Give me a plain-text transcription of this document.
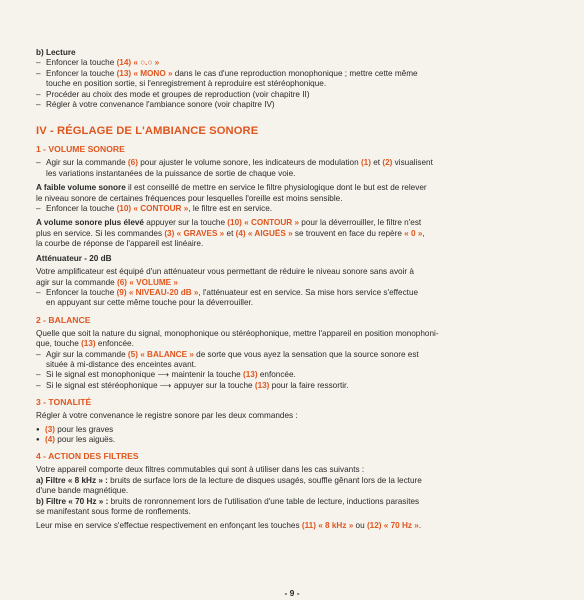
b) Lecture

– Enfoncer la touche (14) « ○.○ »

– Enfoncer la touche (13) « MONO » dans le cas d'une reproduction monophonique ; mettre cette même
touche en position sortie, si l'enregistrement à reproduire est stéréophonique.

– Procéder au choix des mode et groupes de reproduction (voir chapitre II)

– Régler à votre convenance l'ambiance sonore (voir chapitre IV)

IV - RÉGLAGE DE L'AMBIANCE SONORE
1 - VOLUME SONORE

– Agir sur la commande (6) pour ajuster le volume sonore, les indicateurs de modulation (1) et (2) visualisent
les variations instantanées de la puissance de sortie de chaque voie.

A faible volume sonore il est conseillé de mettre en service le filtre physiologique dont le but est de relever
le niveau sonore de certaines fréquences pour lesquelles l'oreille est moins sensible.

– Enfoncer la touche (10) « CONTOUR », le filtre est en service.

A volume sonore plus élevé appuyer sur la touche (10) « CONTOUR » pour la déverrouiller, le filtre n'est
plus en service. Si les commandes (3) « GRAVES » et (4) « AIGUËS » se trouvent en face du repère « 0 »,
la courbe de réponse de l'appareil est linéaire.

Atténuateur - 20 dB

Votre amplificateur est équipé d'un atténuateur vous permettant de réduire le niveau sonore sans avoir à
agir sur la commande (6) « VOLUME »

– Enfoncer la touche (9) « NIVEAU-20 dB », l'atténuateur est en service. Sa mise hors service s'effectue
en appuyant sur cette même touche pour la déverrouiller.

2 - BALANCE

Quelle que soit la nature du signal, monophonique ou stéréophonique, mettre l'appareil en position monophoni-
que, touche (13) enfoncée.

– Agir sur la commande (5) « BALANCE » de sorte que vous ayez la sensation que la source sonore est
située à mi-distance des enceintes avant.

– Si le signal est monophonique ⟶ maintenir la touche (13) enfoncée.

– Si le signal est stéréophonique ⟶ appuyer sur la touche (13) pour la faire ressortir.

3 - TONALITÉ

Régler à votre convenance le registre sonore par les deux commandes :

● (3) pour les graves

● (4) pour les aiguës.

4 - ACTION DES FILTRES

Votre appareil comporte deux filtres commutables qui sont à utiliser dans les cas suivants :

a) Filtre « 8 kHz » : bruits de surface lors de la lecture de disques usagés, souffle gênant lors de la lecture
d'une bande magnétique.

b) Filtre « 70 Hz » : bruits de ronronnement lors de l'utilisation d'une table de lecture, inductions parasites
se manifestant sous forme de ronflements.

Leur mise en service s'effectue respectivement en enfonçant les touches (11) « 8 kHz » ou (12) « 70 Hz ».

- 9 -
